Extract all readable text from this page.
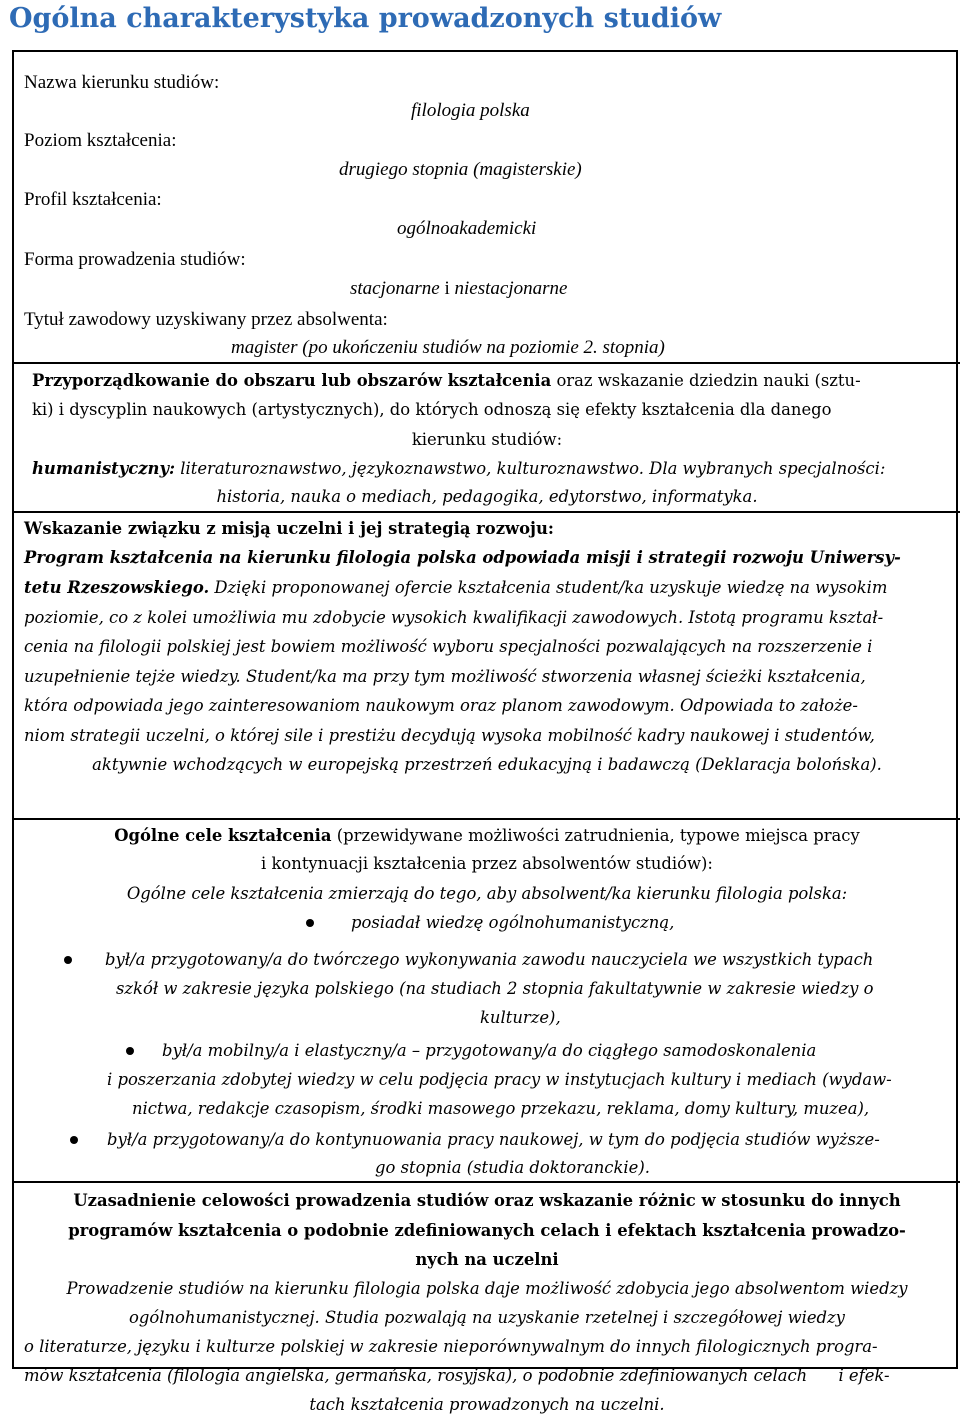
Ogólna charakterystyka prowadzonych studiów
Nazwa kierunku studiów:
filologia polska
Poziom kształcenia:
drugiego stopnia (magisterskie)
Profil kształcenia:
ogólnoakademicki
Forma prowadzenia studiów:
stacjonarne i niestacjonarne
Tytuł zawodowy uzyskiwany przez absolwenta:
magister (po ukończeniu studiów na poziomie 2. stopnia)
Przyporządkowanie do obszaru lub obszarów kształcenia oraz wskazanie dziedzin nauki (sztu-
ki) i dyscyplin naukowych (artystycznych), do których odnoszą się efekty kształcenia dla danego
kierunku studiów:
humanistyczny: literaturoznawstwo, językoznawstwo, kulturoznawstwo. Dla wybranych specjalności:
historia, nauka o mediach, pedagogika, edytorstwo, informatyka.
Wskazanie związku z misją uczelni i jej strategią rozwoju:
Program kształcenia na kierunku filologia polska odpowiada misji i strategii rozwoju Uniwersy-
tetu Rzeszowskiego. Dzięki proponowanej ofercie kształcenia student/ka uzyskuje wiedzę na wysokim
poziomie, co z kolei umożliwia mu zdobycie wysokich kwalifikacji zawodowych. Istotą programu kształ-
cenia na filologii polskiej jest bowiem możliwość wyboru specjalności pozwalających na rozszerzenie i
uzupełnienie tejże wiedzy. Student/ka ma przy tym możliwość stworzenia własnej ścieżki kształcenia,
która odpowiada jego zainteresowaniom naukowym oraz planom zawodowym. Odpowiada to założe-
niom strategii uczelni, o której sile i prestiżu decydują wysoka mobilność kadry naukowej i studentów,
aktywnie wchodzących w europejską przestrzeń edukacyjną i badawczą (Deklaracja bolońska).
Ogólne cele kształcenia (przewidywane możliwości zatrudnienia, typowe miejsca pracy
i kontynuacji kształcenia przez absolwentów studiów):
Ogólne cele kształcenia zmierzają do tego, aby absolwent/ka kierunku filologia polska:
posiadał wiedzę ogólnohumanistyczną,
był/a przygotowany/a do twórczego wykonywania zawodu nauczyciela we wszystkich typach
szkół w zakresie języka polskiego (na studiach 2 stopnia fakultatywnie w zakresie wiedzy o
kulturze),
był/a mobilny/a i elastyczny/a – przygotowany/a do ciągłego samodoskonalenia
i poszerzania zdobytej wiedzy w celu podjęcia pracy w instytucjach kultury i mediach (wydaw-
nictwa, redakcje czasopism, środki masowego przekazu, reklama, domy kultury, muzea),
był/a przygotowany/a do kontynuowania pracy naukowej, w tym do podjęcia studiów wyższe-
go stopnia (studia doktoranckie).
Uzasadnienie celowości prowadzenia studiów oraz wskazanie różnic w stosunku do innych
programów kształcenia o podobnie zdefiniowanych celach i efektach kształcenia prowadzo-
nych na uczelni
Prowadzenie studiów na kierunku filologia polska daje możliwość zdobycia jego absolwentom wiedzy
ogólnohumanistycznej. Studia pozwalają na uzyskanie rzetelnej i szczegółowej wiedzy
o literaturze, języku i kulturze polskiej w zakresie nieporównywalnym do innych filologicznych progra-
mów kształcenia (filologia angielska, germańska, rosyjska), o podobnie zdefiniowanych celach i efek-
tach kształcenia prowadzonych na uczelni.
